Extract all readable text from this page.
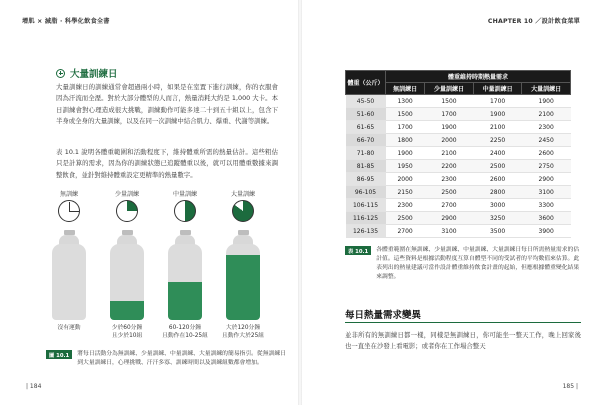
增肌 × 減脂 · 科學化飲食全書
大量訓練日
大量訓練日的訓練通常會超過兩小時，如果是在室置下進行訓練，你的衣服會因為汗流而全溼。對於大部分體型的人而言，熱量消耗大約是 1,000 大卡。本日訓練會對心理造成很大挑戰，訓練動作可能多達二十到五十組以上，包含下半身或全身的大量訓練，以及在同一次訓練中結合肌力、爆重、代謝等訓練。
表 10.1 說明各體重範圍和活動程度下，維持體重所需的熱量估計。這些粗估只是計算的需求，因為你的訓練狀態已追蹤體重以後，就可以用體重數據來調整飲食，並針對維持體重設定更精準的熱量數字。
無訓練	少量訓練	中量訓練	大量訓練
沒有運動	少於60分鐘
且少於10組
60-120分鐘
且動作在10-25組
大於120分鐘
且動作大於25組
圖 10.1	將每日活動分為無訓練、少量訓練、中量訓練、大量訓練的簡易指引。從無訓練日到大量訓練日，心理挑戰、汗汗多寡、訓練時間以及訓練組數都會增加。
| 184
CHAPTER 10 ／設計飲食菜單
體重（公斤）	體重維持時期熱量需求			
	無訓練日	少量訓練日	中量訓練日	大量訓練日
45-50	1300	1500	1700	1900
51-60	1500	1700	1900	2100
61-65	1700	1900	2100	2300
66-70	1800	2000	2250	2450
71-80	1900	2100	2400	2600
81-85	1950	2200	2500	2750
86-95	2000	2300	2600	2900
96-105	2150	2500	2800	3100
106-115	2300	2700	3000	3300
116-125	2500	2900	3250	3600
126-135	2700	3100	3500	3900
表 10.1	各體重範圍在無訓練、少量訓練、中量訓練、大量訓練日每日所需熱量需求的估計值。這些資料是根據活動程度互算自體型不同的受試者的平均數值來估算。此表列出的熱量建議可當作設計體重維持飲食計畫的起始，但應根據體重變化結果來調整。
每日熱量需求變異
並非所有的無訓練日都一樣，同樣是無訓練日，你可能坐一整天工作，晚上回家後也一直坐在沙發上看電影；或者你在工作場合整天
185 |
